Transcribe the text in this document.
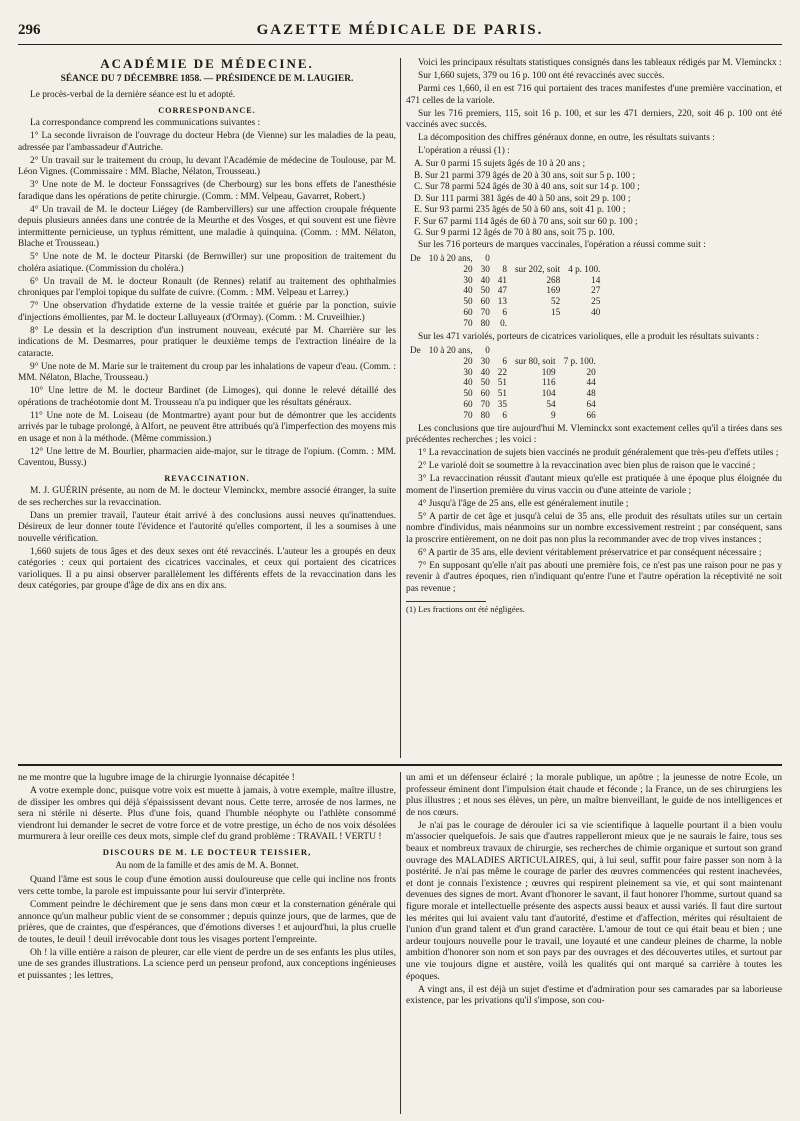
296	GAZETTE MÉDICALE DE PARIS.
ACADÉMIE DE MÉDECINE.
SÉANCE DU 7 DÉCEMBRE 1858. — PRÉSIDENCE DE M. LAUGIER.

Le procès-verbal de la dernière séance est lu et adopté.

CORRESPONDANCE.

La correspondance comprend les communications suivantes :

1° La seconde livraison de l'ouvrage du docteur Hebra (de Vienne) sur les maladies de la peau, adressée par l'ambassadeur d'Autriche.

2° Un travail sur le traitement du croup, lu devant l'Académie de médecine de Toulouse, par M. Léon Vignes. (Commissaire : MM. Blache, Nélaton, Trousseau.)

3° Une note de M. le docteur Fonssagrives (de Cherbourg) sur les bons effets de l'anesthésie faradique dans les opérations de petite chirurgie. (Comm. : MM. Velpeau, Gavarret, Robert.)

4° Un travail de M. le docteur Liégey (de Rambervillers) sur une affection croupale fréquente depuis plusieurs années dans une contrée de la Meurthe et des Vosges, et qui souvent est une fièvre intermittente pernicieuse, un typhus rémittent, une maladie à quinquina. (Comm. : MM. Nélaton, Blache et Trousseau.)

5° Une note de M. le docteur Pitarski (de Bernwiller) sur une proposition de traitement du choléra asiatique. (Commission du choléra.)

6° Un travail de M. le docteur Ronault (de Rennes) relatif au traitement des ophthalmies chroniques par l'emploi topique du sulfate de cuivre. (Comm. : MM. Velpeau et Larrey.)

7° Une observation d'hydatide externe de la vessie traitée et guérie par la ponction, suivie d'injections émollientes, par M. le docteur Lalluyeaux (d'Ormay). (Comm. : M. Cruveilhier.)

8° Le dessin et la description d'un instrument nouveau, exécuté par M. Charrière sur les indications de M. Desmarres, pour pratiquer le deuxième temps de l'extraction linéaire de la cataracte.

9° Une note de M. Marie sur le traitement du croup par les inhalations de vapeur d'eau. (Comm. : MM. Nélaton, Blache, Trousseau.)

10° Une lettre de M. le docteur Bardinet (de Limoges), qui donne le relevé détaillé des opérations de trachéotomie dont M. Trousseau n'a pu indiquer que les résultats généraux.

11° Une note de M. Loiseau (de Montmartre) ayant pour but de démontrer que les accidents arrivés par le tubage prolongé, à Alfort, ne peuvent être attribués qu'à l'imperfection des moyens mis en usage et non à la méthode. (Même commission.)

12° Une lettre de M. Bourlier, pharmacien aide-major, sur le titrage de l'opium. (Comm. : MM. Caventou, Bussy.)

REVACCINATION.

M. J. GUÉRIN présente, au nom de M. le docteur Vleminckx, membre associé étranger, la suite de ses recherches sur la revaccination.

Dans un premier travail, l'auteur était arrivé à des conclusions aussi neuves qu'inattendues. Désireux de leur donner toute l'évidence et l'autorité qu'elles comportent, il les a soumises à une nouvelle vérification.

1,660 sujets de tous âges et des deux sexes ont été revaccinés. L'auteur les a groupés en deux catégories : ceux qui portaient des cicatrices vaccinales, et ceux qui portaient des cicatrices varioliques. Il a pu ainsi observer parallèlement les différents effets de la revaccination dans les deux catégories, par groupe d'âge de dix ans en dix ans.

Voici les principaux résultats statistiques consignés dans les tableaux rédigés par M. Vleminckx :

Sur 1,660 sujets, 379 ou 16 p. 100 ont été revaccinés avec succès.

Parmi ces 1,660, il en est 716 qui portaient des traces manifestes d'une première vaccination, et 471 celles de la variole.

Sur les 716 premiers, 115, soit 16 p. 100, et sur les 471 derniers, 220, soit 46 p. 100 ont été vaccinés avec succès.

La décomposition des chiffres généraux donne, en outre, les résultats suivants :

L'opération a réussi (1) :

A. Sur 0 parmi 15 sujets âgés de 10 à 20 ans ;
B. Sur 21 parmi 379 âgés de 20 à 30 ans, soit sur 5 p. 100 ;
C. Sur 78 parmi 524 âgés de 30 à 40 ans, soit sur 14 p. 100 ;
D. Sur 111 parmi 381 âgés de 40 à 50 ans, soit 29 p. 100 ;
E. Sur 93 parmi 235 âgés de 50 à 60 ans, soit 41 p. 100 ;
F. Sur 67 parmi 114 âgés de 60 à 70 ans, soit sur 60 p. 100 ;
G. Sur 9 parmi 12 âgés de 70 à 80 ans, soit 75 p. 100.

Sur les 716 porteurs de marques vaccinales, l'opération a réussi comme suit :

De	10 à 20 ans,	0			
	20	30	8	sur 202, soit	4 p. 100.
	30	40	41	268	14
	40	50	47	169	27
	50	60	13	52	25
	60	70	6	15	40
	70	80	0.		

Sur les 471 variolés, porteurs de cicatrices varioliques, elle a produit les résultats suivants :

De	10 à 20 ans,	0			
	20	30	6	sur 80, soit	7 p. 100.
	30	40	22	109	20
	40	50	51	116	44
	50	60	51	104	48
	60	70	35	54	64
	70	80	6	9	66

Les conclusions que tire aujourd'hui M. Vleminckx sont exactement celles qu'il a tirées dans ses précédentes recherches ; les voici :

1° La revaccination de sujets bien vaccinés ne produit généralement que très-peu d'effets utiles ;

2° Le variolé doit se soumettre à la revaccination avec bien plus de raison que le vacciné ;

3° La revaccination réussit d'autant mieux qu'elle est pratiquée à une époque plus éloignée du moment de l'insertion première du virus vaccin ou d'une atteinte de variole ;

4° Jusqu'à l'âge de 25 ans, elle est généralement inutile ;

5° A partir de cet âge et jusqu'à celui de 35 ans, elle produit des résultats utiles sur un certain nombre d'individus, mais néanmoins sur un nombre excessivement restreint ; par conséquent, sans la proscrire entièrement, on ne doit pas non plus la recommander avec de trop vives instances ;

6° A partir de 35 ans, elle devient véritablement préservatrice et par conséquent nécessaire ;

7° En supposant qu'elle n'ait pas abouti une première fois, ce n'est pas une raison pour ne pas y revenir à d'autres époques, rien n'indiquant qu'entre l'une et l'autre opération la réceptivité ne soit pas revenue ;

(1) Les fractions ont été négligées.

ne me montre que la lugubre image de la chirurgie lyonnaise décapitée !

A votre exemple donc, puisque votre voix est muette à jamais, à votre exemple, maître illustre, de dissiper les ombres qui déjà s'épaississent devant nous. Cette terre, arrosée de nos larmes, ne sera ni stérile ni déserte. Plus d'une fois, quand l'humble néophyte ou l'athlète consommé viendront lui demander le secret de votre force et de votre prestige, un écho de nos voix désolées murmurera à leur oreille ces deux mots, simple clef du grand problème : TRAVAIL ! VERTU !

DISCOURS DE M. LE DOCTEUR TEISSIER,
Au nom de la famille et des amis de M. A. Bonnet.

Quand l'âme est sous le coup d'une émotion aussi douloureuse que celle qui incline nos fronts vers cette tombe, la parole est impuissante pour lui servir d'interprète.

Comment peindre le déchirement que je sens dans mon cœur et la consternation générale qui annonce qu'un malheur public vient de se consommer ; depuis quinze jours, que de larmes, que de prières, que de craintes, que d'espérances, que d'émotions diverses ! et aujourd'hui, la plus cruelle de toutes, le deuil ! deuil irrévocable dont tous les visages portent l'empreinte.

Oh ! la ville entière a raison de pleurer, car elle vient de perdre un de ses enfants les plus utiles, une de ses grandes illustrations. La science perd un penseur profond, aux conceptions ingénieuses et puissantes ; les lettres,

un ami et un défenseur éclairé ; la morale publique, un apôtre ; la jeunesse de notre Ecole, un professeur éminent dont l'impulsion était chaude et féconde ; la France, un de ses chirurgiens les plus illustres ; et nous ses élèves, un père, un maître bienveillant, le guide de nos intelligences et de nos cœurs.

Je n'ai pas le courage de dérouler ici sa vie scientifique à laquelle pourtant il a bien voulu m'associer quelquefois. Je sais que d'autres rappelleront mieux que je ne saurais le faire, tous ses beaux et nombreux travaux de chirurgie, ses recherches de chimie organique et surtout son grand ouvrage des MALADIES ARTICULAIRES, qui, à lui seul, suffit pour faire passer son nom à la postérité. Je n'ai pas même le courage de parler des œuvres commencées qui restent inachevées, et dont je connais l'existence ; œuvres qui respirent pleinement sa vie, et qui sont maintenant devenues des signes de mort. Avant d'honorer le savant, il faut honorer l'homme, surtout quand sa figure morale et intellectuelle présente des aspects aussi beaux et aussi variés. Il faut dire surtout les mérites qui lui avaient valu tant d'autorité, d'estime et d'affection, mérites qui résultaient de l'union d'un grand talent et d'un grand caractère. L'amour de tout ce qui était beau et bien ; une ardeur toujours nouvelle pour le travail, une loyauté et une candeur pleines de charme, la noble ambition d'honorer son nom et son pays par des ouvrages et des découvertes utiles, et surtout par une vie toujours digne et austère, voilà les qualités qui ont marqué sa carrière à toutes les époques.

A vingt ans, il est déjà un sujet d'estime et d'admiration pour ses camarades par sa laborieuse existence, par les privations qu'il s'impose, son cou-
